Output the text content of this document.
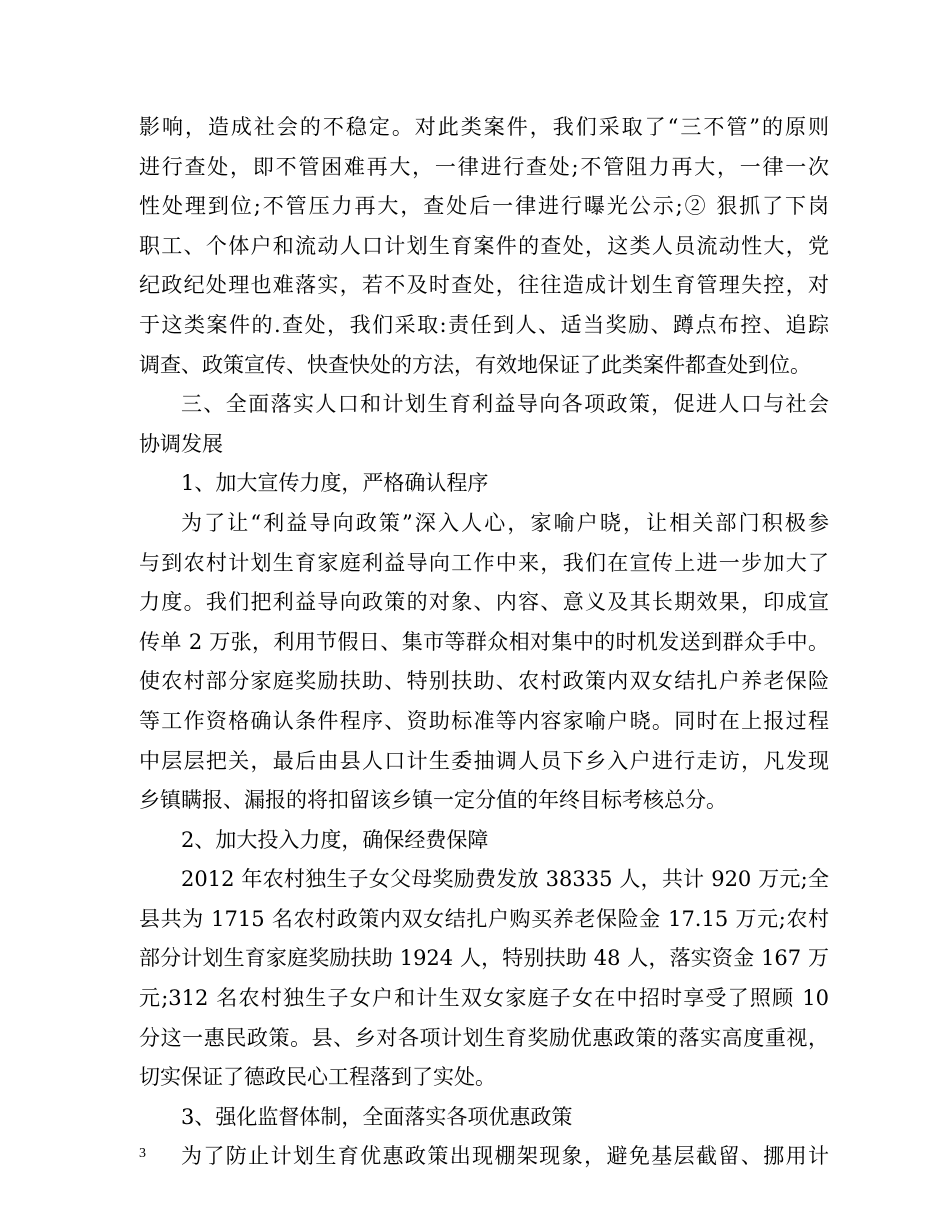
影响，造成社会的不稳定。对此类案件，我们采取了“三不管”的原则
进行查处，即不管困难再大，一律进行查处;不管阻力再大，一律一次
性处理到位;不管压力再大，查处后一律进行曝光公示;② 狠抓了下岗
职工、个体户和流动人口计划生育案件的查处，这类人员流动性大，党
纪政纪处理也难落实，若不及时查处，往往造成计划生育管理失控，对
于这类案件的.查处，我们采取:责任到人、适当奖励、蹲点布控、追踪
调查、政策宣传、快查快处的方法，有效地保证了此类案件都查处到位。
三、全面落实人口和计划生育利益导向各项政策，促进人口与社会
协调发展
1、加大宣传力度，严格确认程序
为了让“利益导向政策”深入人心，家喻户晓，让相关部门积极参
与到农村计划生育家庭利益导向工作中来，我们在宣传上进一步加大了
力度。我们把利益导向政策的对象、内容、意义及其长期效果，印成宣
传单 2 万张，利用节假日、集市等群众相对集中的时机发送到群众手中。
使农村部分家庭奖励扶助、特别扶助、农村政策内双女结扎户养老保险
等工作资格确认条件程序、资助标准等内容家喻户晓。同时在上报过程
中层层把关，最后由县人口计生委抽调人员下乡入户进行走访，凡发现
乡镇瞒报、漏报的将扣留该乡镇一定分值的年终目标考核总分。
2、加大投入力度，确保经费保障
2012 年农村独生子女父母奖励费发放 38335 人，共计 920 万元;全
县共为 1715 名农村政策内双女结扎户购买养老保险金 17.15 万元;农村
部分计划生育家庭奖励扶助 1924 人，特别扶助 48 人，落实资金 167 万
元;312 名农村独生子女户和计生双女家庭子女在中招时享受了照顾 10
分这一惠民政策。县、乡对各项计划生育奖励优惠政策的落实高度重视，
切实保证了德政民心工程落到了实处。
3、强化监督体制，全面落实各项优惠政策
为了防止计划生育优惠政策出现棚架现象，避免基层截留、挪用计
3
